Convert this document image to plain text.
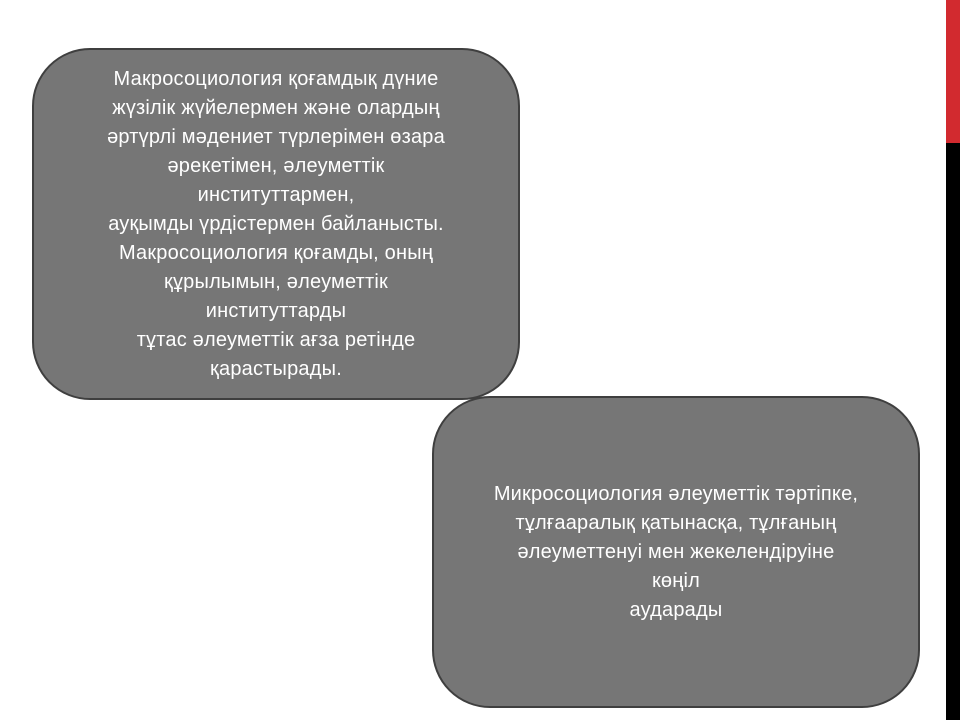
Макросоциология қоғамдық дүние
жүзілік жүйелермен және олардың
әртүрлі мәдениет түрлерімен өзара
әрекетімен, әлеуметтік
институттармен,
ауқымды үрдістермен байланысты.
Макросоциология қоғамды, оның
құрылымын, әлеуметтік
институттарды
тұтас әлеуметтік ағза ретінде
қарастырады.
Микросоциология әлеуметтік тәртіпке,
тұлғааралық қатынасқа, тұлғаның
әлеуметтенуі мен жекелендіруіне
көңіл
аударады
